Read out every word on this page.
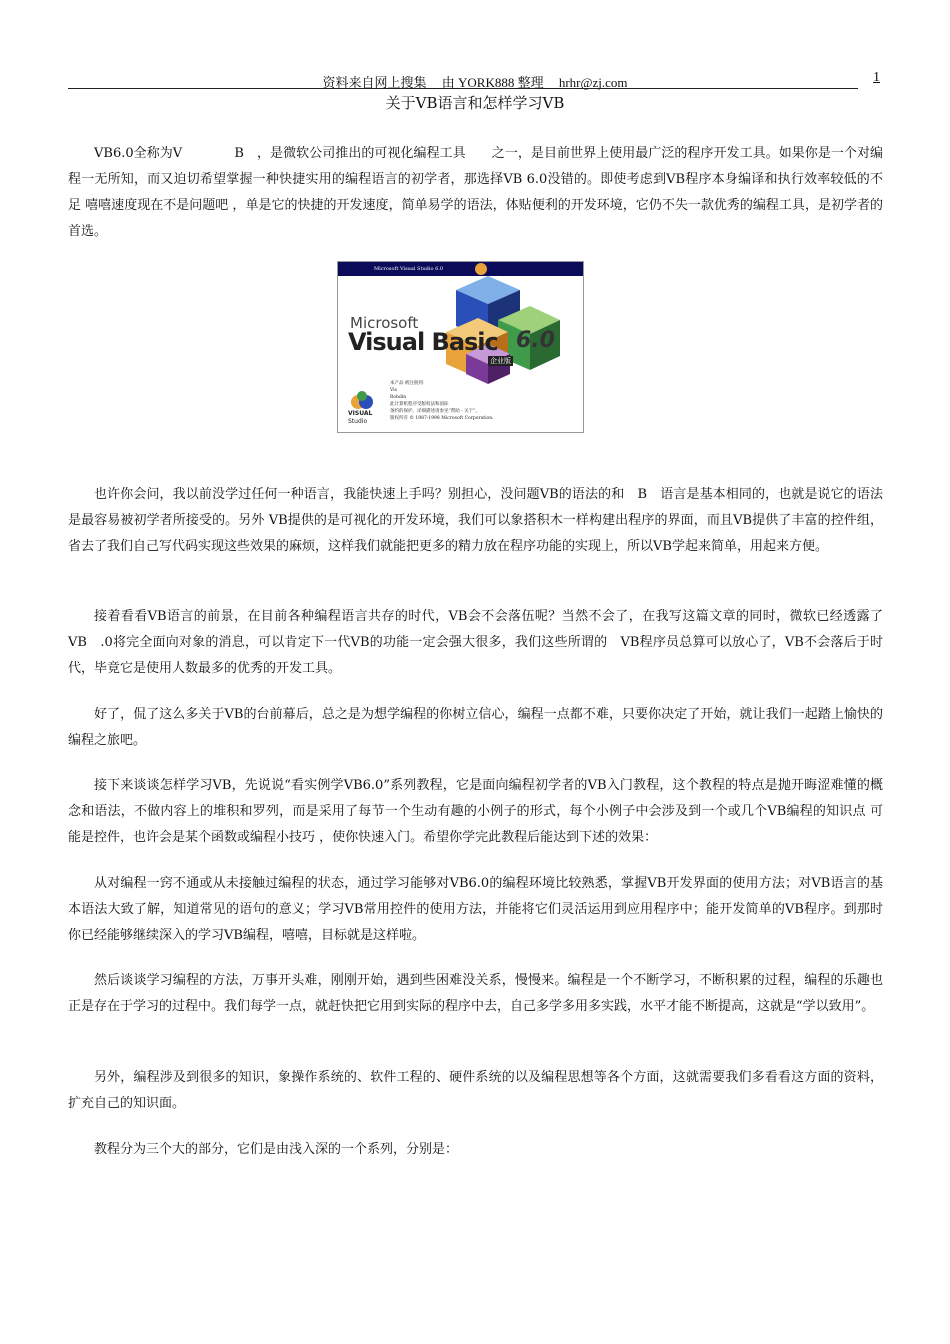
资料来自网上搜集 由 YORK888 整理 hrhr@zj.com	1
关于VB语言和怎样学习VB

VB6.0全称为V　　　　B　，是微软公司推出的可视化编程工具　　之一，是目前世界上使用最广泛的程序开发工具。如果你是一个对编程一无所知，而又迫切希望掌握一种快捷实用的编程语言的初学者，那选择VB 6.0没错的。即使考虑到VB程序本身编译和执行效率较低的不足 嘻嘻速度现在不是问题吧 ，单是它的快捷的开发速度，简单易学的语法，体贴便利的开发环境，它仍不失一款优秀的编程工具，是初学者的首选。

Microsoft Visual Studio 6.0
Microsoft
Visual Basic 6.0
企业版
VISUAL
Studio
本产品 被注册到：
Vis
Robdin
此计算机程序受版权法和国际
条约的保护。详细描述请参见“帮助 - 关于”。
版权所有 © 1987-1998 Microsoft Corporation.

也许你会问，我以前没学过任何一种语言，我能快速上手吗？别担心，没问题VB的语法的和　B　语言是基本相同的，也就是说它的语法是最容易被初学者所接受的。另外 VB提供的是可视化的开发环境，我们可以象搭积木一样构建出程序的界面，而且VB提供了丰富的控件组，省去了我们自己写代码实现这些效果的麻烦，这样我们就能把更多的精力放在程序功能的实现上，所以VB学起来简单，用起来方便。

接着看看VB语言的前景，在目前各种编程语言共存的时代，VB会不会落伍呢？当然不会了，在我写这篇文章的同时，微软已经透露了VB　.0将完全面向对象的消息，可以肯定下一代VB的功能一定会强大很多，我们这些所谓的　VB程序员总算可以放心了，VB不会落后于时代，毕竟它是使用人数最多的优秀的开发工具。

好了，侃了这么多关于VB的台前幕后，总之是为想学编程的你树立信心，编程一点都不难，只要你决定了开始，就让我们一起踏上愉快的编程之旅吧。

接下来谈谈怎样学习VB，先说说“看实例学VB6.0”系列教程，它是面向编程初学者的VB入门教程，这个教程的特点是抛开晦涩难懂的概念和语法，不做内容上的堆积和罗列，而是采用了每节一个生动有趣的小例子的形式，每个小例子中会涉及到一个或几个VB编程的知识点 可能是控件，也许会是某个函数或编程小技巧 ，使你快速入门。希望你学完此教程后能达到下述的效果：

从对编程一窍不通或从未接触过编程的状态，通过学习能够对VB6.0的编程环境比较熟悉，掌握VB开发界面的使用方法；对VB语言的基本语法大致了解，知道常见的语句的意义；学习VB常用控件的使用方法，并能将它们灵活运用到应用程序中；能开发简单的VB程序。到那时你已经能够继续深入的学习VB编程，嘻嘻，目标就是这样啦。

然后谈谈学习编程的方法，万事开头难，刚刚开始，遇到些困难没关系，慢慢来。编程是一个不断学习，不断积累的过程，编程的乐趣也正是存在于学习的过程中。我们每学一点，就赶快把它用到实际的程序中去，自己多学多用多实践，水平才能不断提高，这就是“学以致用”。

另外，编程涉及到很多的知识，象操作系统的、软件工程的、硬件系统的以及编程思想等各个方面，这就需要我们多看看这方面的资料，扩充自己的知识面。

教程分为三个大的部分，它们是由浅入深的一个系列，分别是：
